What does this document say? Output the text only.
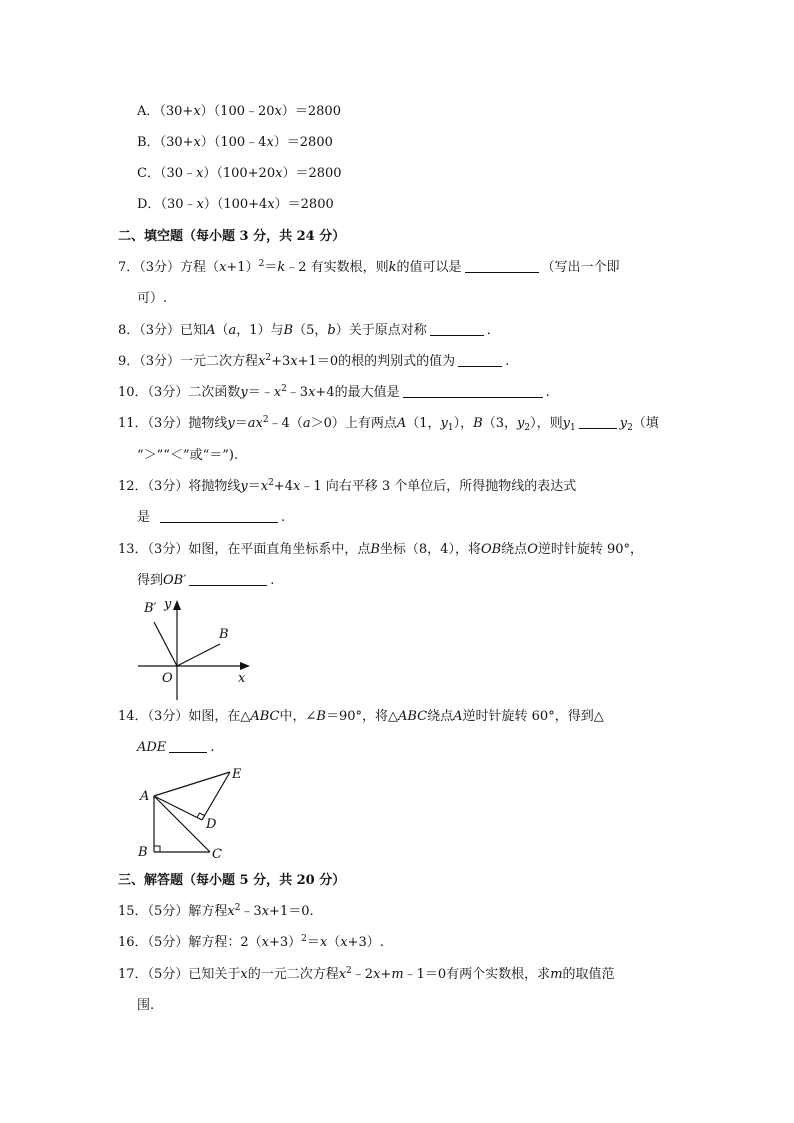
A．（30+x）（100﹣20x）＝2800
B．（30+x）（100﹣4x）＝2800
C．（30﹣x）（100+20x）＝2800
D．（30﹣x）（100+4x）＝2800
二、填空题（每小题 3 分，共 24 分）
7．（3分）方程$(x+1)^2=k﹣2$ 有实数根，则k的值可以是	（写出一个即
可）.
8．（3分）已知A（a，1）与B（5，b）关于原点对称	．
9．（3分）一元二次方程$x^2+3x+1=0$的根的判别式的值为	.
10．（3分）二次函数$y=﹣x^2﹣3x+4$的最大值是	.
11．（3分）抛物线$y=ax^2﹣4(a>0)$上有两点A（1，$y_1$），B（3，$y_2$），则$y_1$	$y_2$（填
“＞”“＜”或“＝”).
12．（3分）将抛物线$y=x^2+4x﹣1$ 向右平移 3 个单位后，所得抛物线的表达式
是	.
13．（3分）如图，在平面直角坐标系中，点B坐标（8，4），将OB绕点O逆时针旋转 90°，
得到OB′	.
B′ y
B
O	x
14．（3分）如图，在△ABC中，∠B＝90°，将△ABC绕点A逆时针旋转 60°，得到△
ADE	.
A
E
D
B	C
三、解答题（每小题 5 分，共 20 分）
15．（5分）解方程$x^2﹣3x+1=0$.
16．（5分）解方程：$2(x+3)^2=x(x+3)$.
17．（5分）已知关于x的一元二次方程$x^2﹣2x+m﹣1=0$有两个实数根，求m的取值范
围.
